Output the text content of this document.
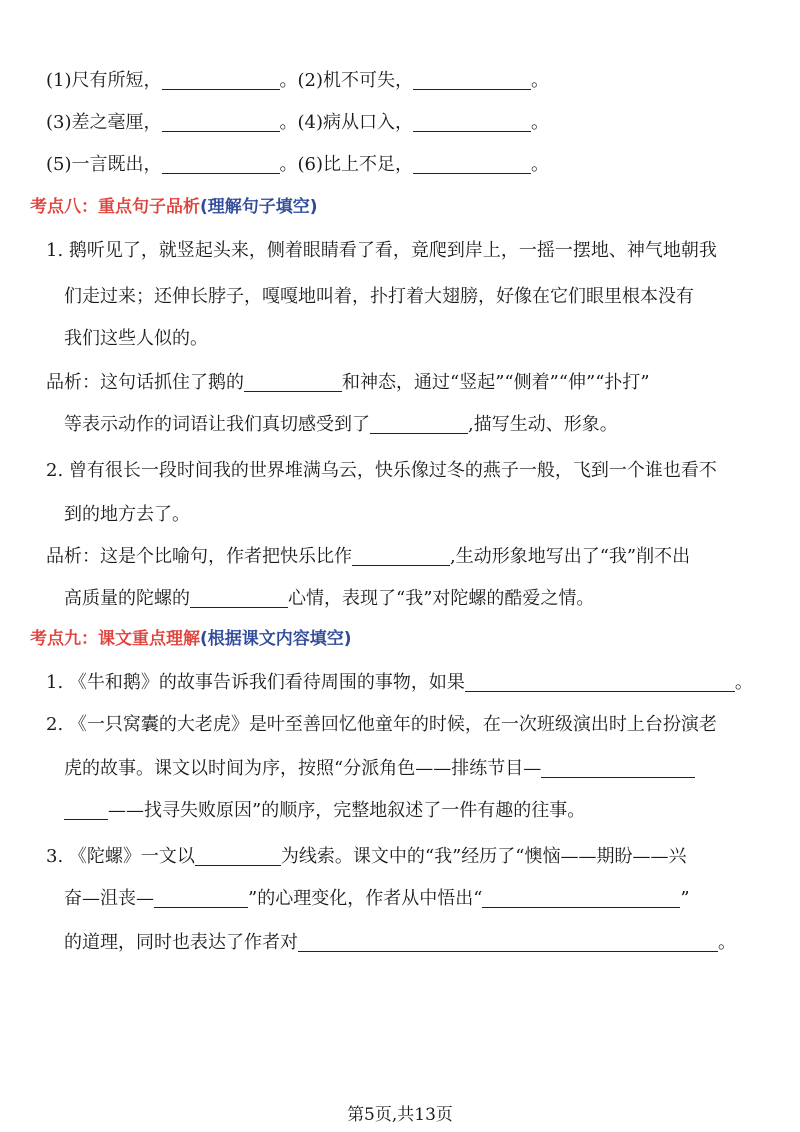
(1)尺有所短，	。(2)机不可失，	。
(3)差之毫厘，	。(4)病从口入，	。
(5)一言既出，	。(6)比上不足，	。
考点八：重点句子品析(理解句子填空)
1. 鹅听见了，就竖起头来，侧着眼睛看了看，竟爬到岸上，一摇一摆地、神气地朝我
们走过来；还伸长脖子，嘎嘎地叫着，扑打着大翅膀，好像在它们眼里根本没有
我们这些人似的。
品析：这句话抓住了鹅的	和神态，通过“竖起”“侧着”“伸”“扑打”
等表示动作的词语让我们真切感受到了	,描写生动、形象。
2. 曾有很长一段时间我的世界堆满乌云，快乐像过冬的燕子一般，飞到一个谁也看不
到的地方去了。
品析：这是个比喻句，作者把快乐比作	,生动形象地写出了“我”削不出
高质量的陀螺的	心情，表现了“我”对陀螺的酷爱之情。
考点九：课文重点理解(根据课文内容填空)
1. 《牛和鹅》的故事告诉我们看待周围的事物，如果	。
2. 《一只窝囊的大老虎》是叶至善回忆他童年的时候，在一次班级演出时上台扮演老
虎的故事。课文以时间为序，按照“分派角色——排练节目—
——找寻失败原因”的顺序，完整地叙述了一件有趣的往事。
3. 《陀螺》一文以	为线索。课文中的“我”经历了“懊恼——期盼——兴
奋—沮丧—	”的心理变化，作者从中悟出“	”
的道理，同时也表达了作者对	。
第5页,共13页
